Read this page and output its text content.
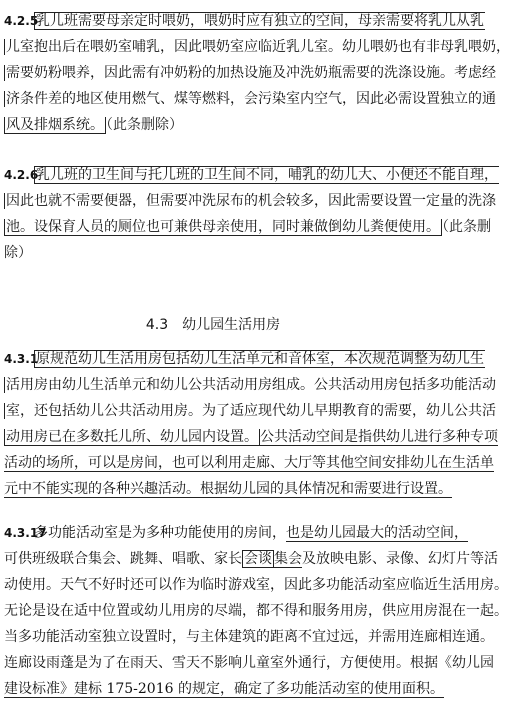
4.2.5乳儿班需要母亲定时喂奶，喂奶时应有独立的空间，母亲需要将乳儿从乳
儿室抱出后在喂奶室哺乳，因此喂奶室应临近乳儿室。幼儿喂奶也有非母乳喂奶，
需要奶粉喂养，因此需有冲奶粉的加热设施及冲洗奶瓶需要的洗涤设施。考虑经
济条件差的地区使用燃气、煤等燃料，会污染室内空气，因此必需设置独立的通
风及排烟系统。 （此条删除）
4.2.6乳儿班的卫生间与托儿班的卫生间不同，哺乳的幼儿大、小便还不能自理，
因此也就不需要便器，但需要冲洗尿布的机会较多，因此需要设置一定量的洗涤
池。设保育人员的厕位也可兼供母亲使用，同时兼做倒幼儿粪便使用。 （此条删
除）
4.3　幼儿园生活用房
4.3.1原规范幼儿生活用房包括幼儿生活单元和音体室，本次规范调整为幼儿生
活用房由幼儿生活单元和幼儿公共活动用房组成。公共活动用房包括多功能活动
室，还包括幼儿公共活动用房。为了适应现代幼儿早期教育的需要，幼儿公共活
动用房已在多数托儿所、幼儿园内设置。 公共活动空间是指供幼儿进行多种专项
活动的场所，可以是房间，也可以利用走廊、大厅等其他空间安排幼儿在生活单
元中不能实现的各种兴趣活动。根据幼儿园的具体情况和需要进行设置。
4.3.17多功能活动室是为多种功能使用的房间，也是幼儿园最大的活动空间，
可供班级联合集会、跳舞、唱歌、家长 会谈 集会及放映电影、录像、幻灯片等活
动使用。天气不好时还可以作为临时游戏室，因此多功能活动室应临近生活用房。
无论是设在适中位置或幼儿用房的尽端，都不得和服务用房，供应用房混在一起。
当多功能活动室独立设置时，与主体建筑的距离不宜过远，并需用连廊相连通。
连廊设雨蓬是为了在雨天、雪天不影响儿童室外通行，方便使用。根据《幼儿园
建设标准》建标 175-2016 的规定，确定了多功能活动室的使用面积。
